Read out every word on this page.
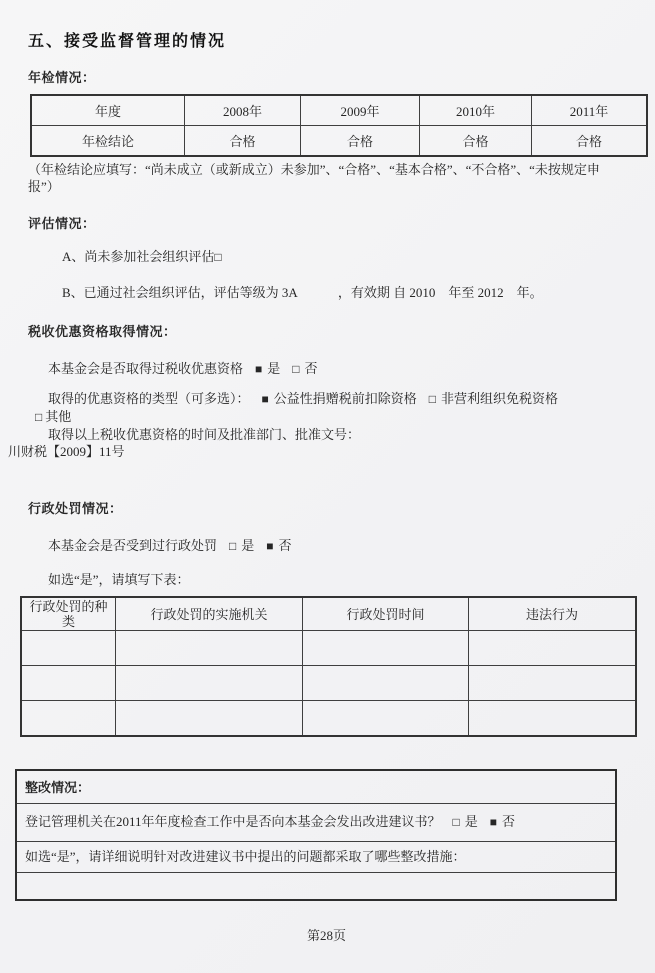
五、接受监督管理的情况
年检情况：
年度	2008年	2009年	2010年	2011年
年检结论	合格	合格	合格	合格
（年检结论应填写：“尚未成立（或新成立）未参加”、“合格”、“基本合格”、“不合格”、“未按规定申报”）
评估情况：
A、尚未参加社会组织评估□
B、已通过社会组织评估，评估等级为 3A	，有效期 自 2010    年至 2012    年。
税收优惠资格取得情况：
本基金会是否取得过税收优惠资格 ■ 是 □ 否
取得的优惠资格的类型（可多选）： ■ 公益性捐赠税前扣除资格 □ 非营利组织免税资格
□ 其他
取得以上税收优惠资格的时间及批准部门、批准文号：
川财税【2009】11号
行政处罚情况：
本基金会是否受到过行政处罚 □ 是 ■ 否
如选“是”，请填写下表：
行政处罚的种类	行政处罚的实施机关	行政处罚时间	违法行为

整改情况：
登记管理机关在2011年年度检查工作中是否向本基金会发出改进建议书？ □ 是 ■ 否
如选“是”，请详细说明针对改进建议书中提出的问题都采取了哪些整改措施：
第28页
